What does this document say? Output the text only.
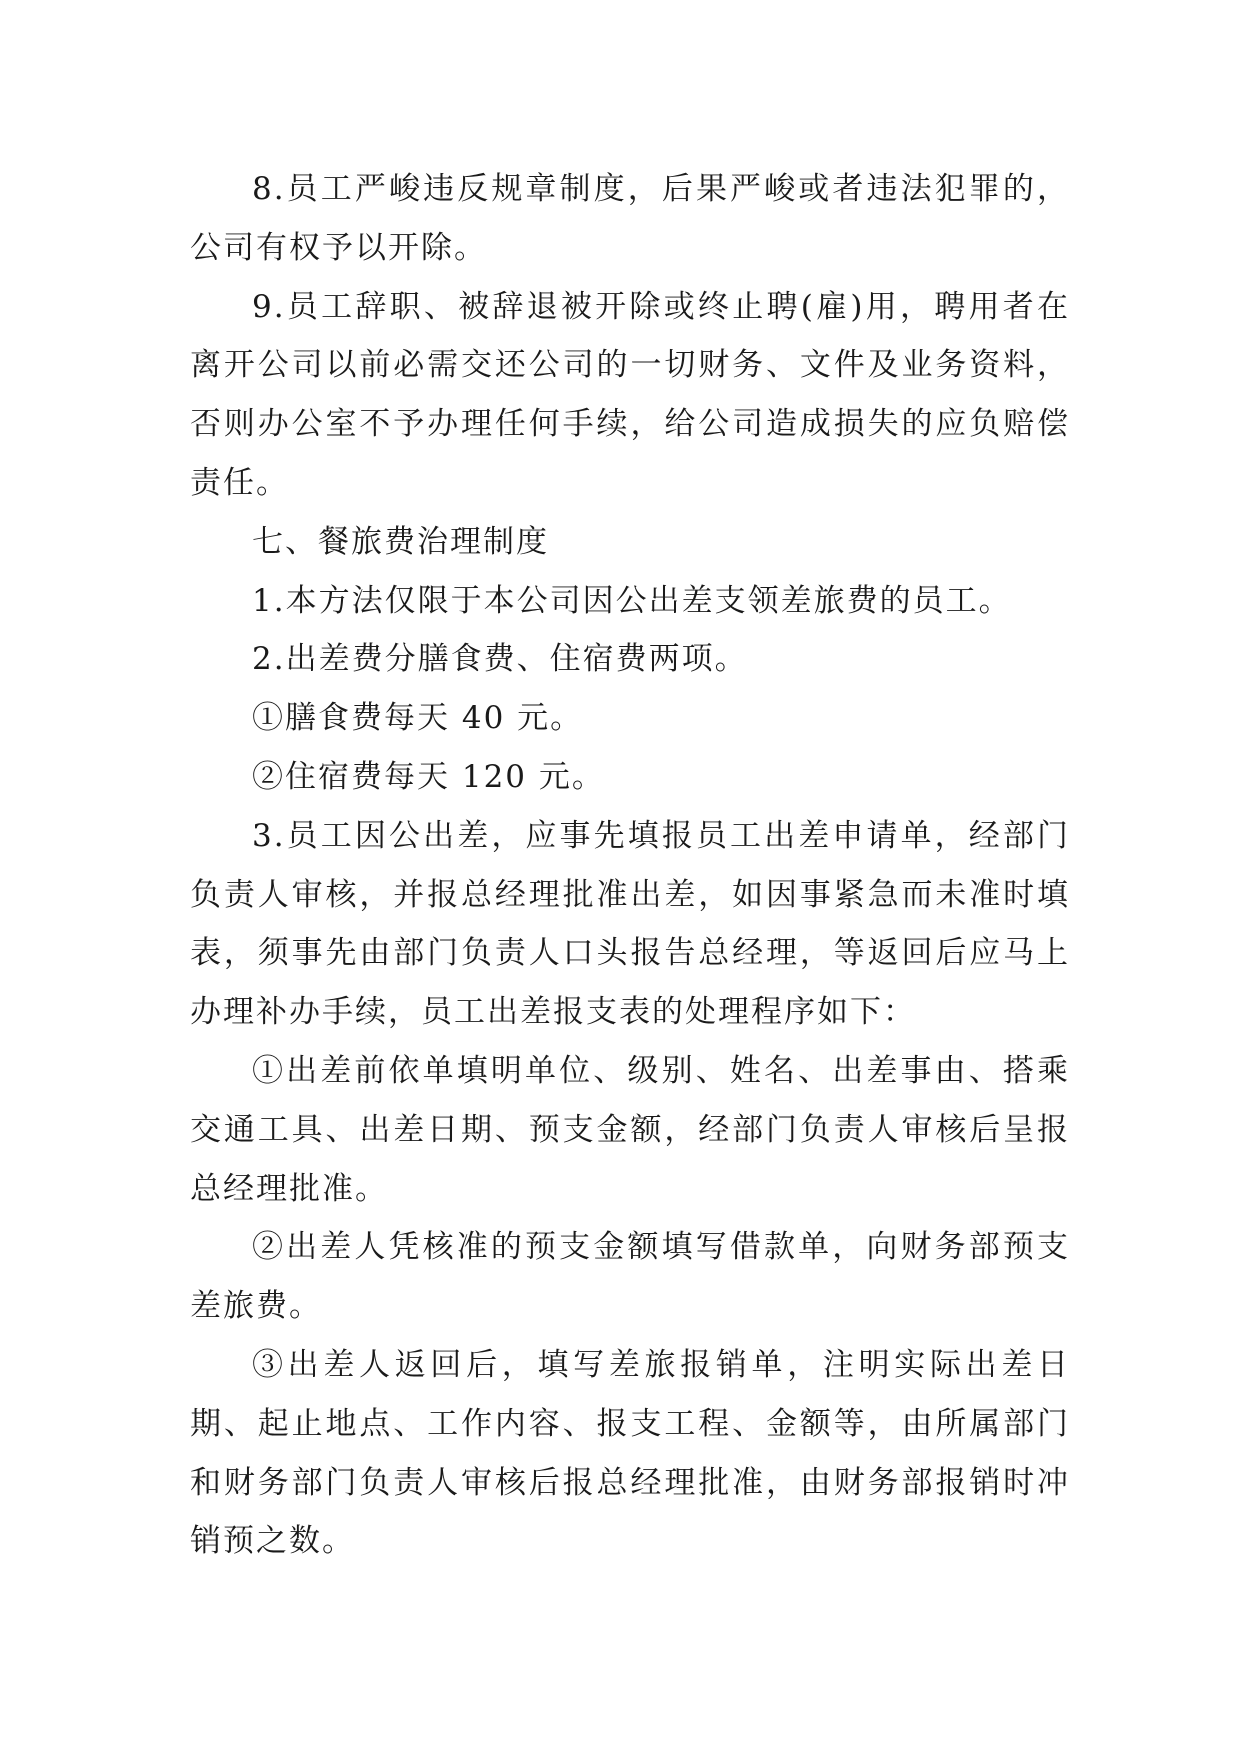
8.员工严峻违反规章制度，后果严峻或者违法犯罪的，公司有权予以开除。

9.员工辞职、被辞退被开除或终止聘(雇)用，聘用者在离开公司以前必需交还公司的一切财务、文件及业务资料，否则办公室不予办理任何手续，给公司造成损失的应负赔偿责任。

七、餐旅费治理制度

1.本方法仅限于本公司因公出差支领差旅费的员工。

2.出差费分膳食费、住宿费两项。

①膳食费每天 40 元。

②住宿费每天 120 元。

3.员工因公出差，应事先填报员工出差申请单，经部门负责人审核，并报总经理批准出差，如因事紧急而未准时填表，须事先由部门负责人口头报告总经理，等返回后应马上办理补办手续，员工出差报支表的处理程序如下：

①出差前依单填明单位、级别、姓名、出差事由、搭乘交通工具、出差日期、预支金额，经部门负责人审核后呈报总经理批准。

②出差人凭核准的预支金额填写借款单，向财务部预支差旅费。

③出差人返回后，填写差旅报销单，注明实际出差日期、起止地点、工作内容、报支工程、金额等，由所属部门和财务部门负责人审核后报总经理批准，由财务部报销时冲销预之数。
